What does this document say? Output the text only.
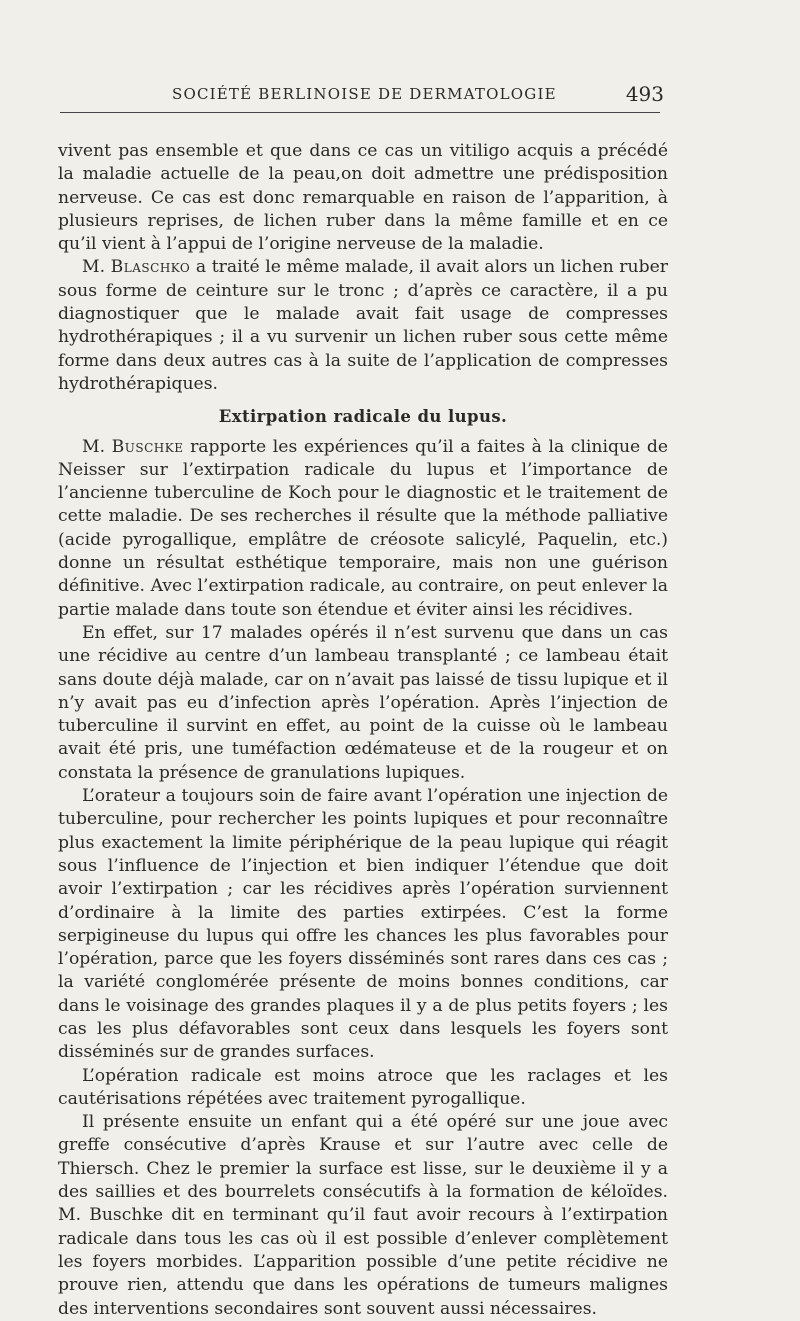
SOCIÉTÉ BERLINOISE DE DERMATOLOGIE	493

vivent pas ensemble et que dans ce cas un vitiligo acquis a précédé la maladie actuelle de la peau,on doit admettre une prédisposition nerveuse. Ce cas est donc remarquable en raison de l’apparition, à plusieurs reprises, de lichen ruber dans la même famille et en ce qu’il vient à l’appui de l’origine nerveuse de la maladie.

M. Blaschko a traité le même malade, il avait alors un lichen ruber sous forme de ceinture sur le tronc ; d’après ce caractère, il a pu diagnostiquer que le malade avait fait usage de compresses hydrothérapiques ; il a vu survenir un lichen ruber sous cette même forme dans deux autres cas à la suite de l’application de compresses hydrothérapiques.

Extirpation radicale du lupus.

M. Buschke rapporte les expériences qu’il a faites à la clinique de Neisser sur l’extirpation radicale du lupus et l’importance de l’ancienne tuberculine de Koch pour le diagnostic et le traitement de cette maladie. De ses recherches il résulte que la méthode palliative (acide pyrogallique, emplâtre de créosote salicylé, Paquelin, etc.) donne un résultat esthétique temporaire, mais non une guérison définitive. Avec l’extirpation radicale, au contraire, on peut enlever la partie malade dans toute son étendue et éviter ainsi les récidives.

En effet, sur 17 malades opérés il n’est survenu que dans un cas une récidive au centre d’un lambeau transplanté ; ce lambeau était sans doute déjà malade, car on n’avait pas laissé de tissu lupique et il n’y avait pas eu d’infection après l’opération. Après l’injection de tuberculine il survint en effet, au point de la cuisse où le lambeau avait été pris, une tuméfaction œdémateuse et de la rougeur et on constata la présence de granulations lupiques.

L’orateur a toujours soin de faire avant l’opération une injection de tuberculine, pour rechercher les points lupiques et pour reconnaître plus exactement la limite périphérique de la peau lupique qui réagit sous l’influence de l’injection et bien indiquer l’étendue que doit avoir l’extirpation ; car les récidives après l’opération surviennent d’ordinaire à la limite des parties extirpées. C’est la forme serpigineuse du lupus qui offre les chances les plus favorables pour l’opération, parce que les foyers disséminés sont rares dans ces cas ; la variété conglomérée présente de moins bonnes conditions, car dans le voisinage des grandes plaques il y a de plus petits foyers ; les cas les plus défavorables sont ceux dans lesquels les foyers sont disséminés sur de grandes surfaces.

L’opération radicale est moins atroce que les raclages et les cautérisations répétées avec traitement pyrogallique.

Il présente ensuite un enfant qui a été opéré sur une joue avec greffe consécutive d’après Krause et sur l’autre avec celle de Thiersch. Chez le premier la surface est lisse, sur le deuxième il y a des saillies et des bourrelets consécutifs à la formation de kéloïdes. M. Buschke dit en terminant qu’il faut avoir recours à l’extirpation radicale dans tous les cas où il est possible d’enlever complètement les foyers morbides. L’apparition possible d’une petite récidive ne prouve rien, attendu que dans les opérations de tumeurs malignes des interventions secondaires sont souvent aussi nécessaires.
